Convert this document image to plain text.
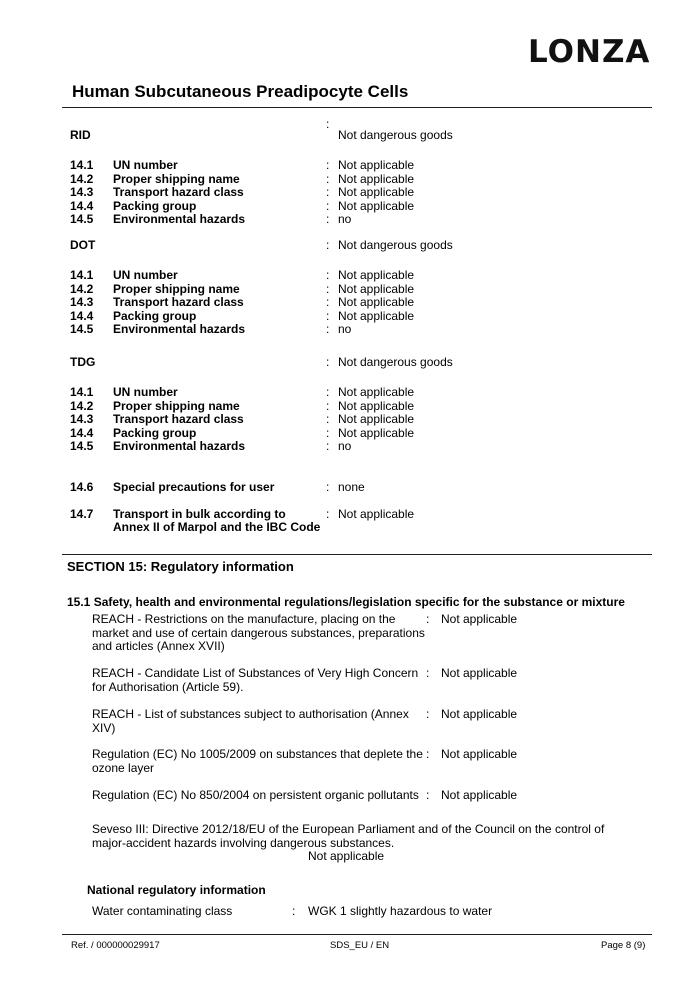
LONZA
Human Subcutaneous Preadipocyte Cells
:
RID	Not dangerous goods
14.1 UN number	: Not applicable
14.2 Proper shipping name	: Not applicable
14.3 Transport hazard class	: Not applicable
14.4 Packing group	: Not applicable
14.5 Environmental hazards	: no
DOT	: Not dangerous goods
14.1 UN number	: Not applicable
14.2 Proper shipping name	: Not applicable
14.3 Transport hazard class	: Not applicable
14.4 Packing group	: Not applicable
14.5 Environmental hazards	: no
TDG	: Not dangerous goods
14.1 UN number	: Not applicable
14.2 Proper shipping name	: Not applicable
14.3 Transport hazard class	: Not applicable
14.4 Packing group	: Not applicable
14.5 Environmental hazards	: no
14.6 Special precautions for user	: none
14.7 Transport in bulk according to
Annex II of Marpol and the IBC Code
: Not applicable
SECTION 15: Regulatory information
15.1 Safety, health and environmental regulations/legislation specific for the substance or mixture
REACH - Restrictions on the manufacture, placing on the
market and use of certain dangerous substances, preparations
and articles (Annex XVII)
: Not applicable
REACH - Candidate List of Substances of Very High Concern
for Authorisation (Article 59).
: Not applicable
REACH - List of substances subject to authorisation (Annex
XIV)
: Not applicable
Regulation (EC) No 1005/2009 on substances that deplete the
ozone layer
: Not applicable
Regulation (EC) No 850/2004 on persistent organic pollutants : Not applicable
Seveso III: Directive 2012/18/EU of the European Parliament and of the Council on the control of
major-accident hazards involving dangerous substances.
Not applicable
National regulatory information
Water contaminating class	: WGK 1 slightly hazardous to water
Ref. / 000000029917	SDS_EU / EN	Page 8 (9)
